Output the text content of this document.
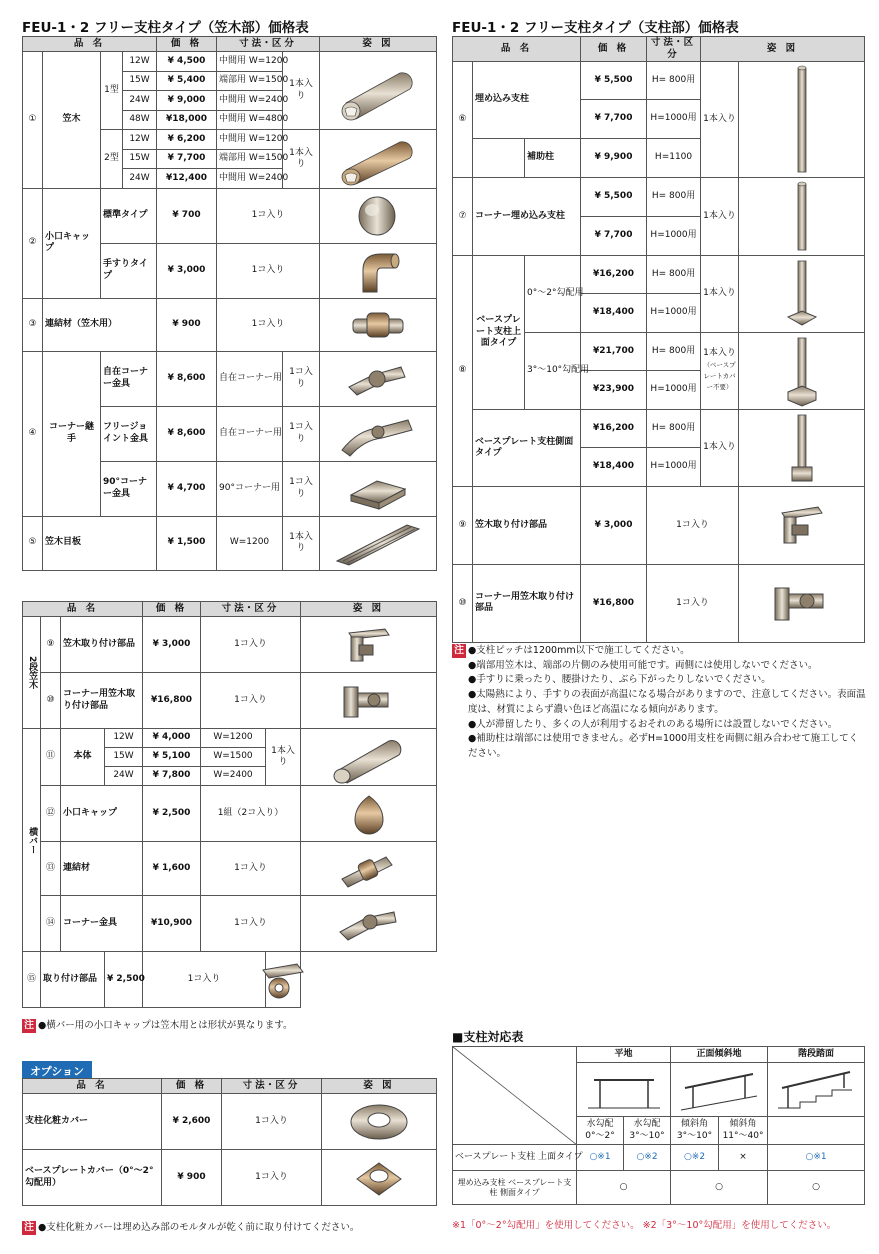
FEU-1・2 フリー支柱タイプ（笠木部）価格表	FEU-1・2 フリー支柱タイプ（支柱部）価格表
品 名				価 格	寸法･区分		姿 図
①	笠木	1型	12W	¥ 4,500	中間用 W=1200	1本入り	

			15W	¥ 5,400	端部用 W=1500		
			24W	¥ 9,000	中間用 W=2400		
			48W	¥18,000	中間用 W=4800		
		2型	12W	¥ 6,200	中間用 W=1200	1本入り	

			15W	¥ 7,700	端部用 W=1500		
			24W	¥12,400	中間用 W=2400		
②	小口キャップ	標準タイプ		¥ 700	1コ入り	

		手すりタイプ		¥ 3,000	1コ入り	

③	連結材（笠木用）			¥ 900	1コ入り	

④	コーナー継手	自在コーナー金具		¥ 8,600	自在コーナー用	1コ入り	

		フリージョイント金具		¥ 8,600	自在コーナー用	1コ入り	

		90°コーナー金具		¥ 4,700	90°コーナー用	1コ入り	

⑤	笠木目板			¥ 1,500	W=1200	1本入り	
品 名				価 格	寸法･区分		姿 図

2段笠木	⑨	笠木取り付け部品		¥ 3,000	1コ入り	

	⑩	コーナー用笠木取り付け部品		¥16,800	1コ入り	

横バー	⑪	本体	12W	¥ 4,000	W=1200	1本入り	

			15W	¥ 5,100	W=1500		
			24W	¥ 7,800	W=2400		
	⑫	小口キャップ		¥ 2,500	1組（2コ入り）	

	⑬	連結材		¥ 1,600	1コ入り	

	⑭	コーナー金具		¥10,900	1コ入り	

⑮	取り付け部品		¥ 2,500	1コ入り	
注 ●横バー用の小口キャップは笠木用とは形状が異なります。
オプション
品 名	価 格	寸法･区分	姿 図
支柱化粧カバー	¥ 2,600	1コ入り	

ベースプレートカバー（0°〜2°勾配用）	¥ 900	1コ入り	
注 ●支柱化粧カバーは埋め込み部のモルタルが乾く前に取り付けてください。
品 名			価 格	寸法･区分	姿 図	
⑥	埋め込み支柱		¥ 5,500	H= 800用	1本入り	

			¥ 7,700	H=1000用		
		補助柱	¥ 9,900	H=1100		
⑦	コーナー埋め込み支柱		¥ 5,500	H= 800用	1本入り	

			¥ 7,700	H=1000用		
⑧	ベースプレート支柱上面タイプ	0°〜2°勾配用	¥16,200	H= 800用	1本入り	

			¥18,400	H=1000用		
		3°〜10°勾配用	¥21,700	H= 800用	1本入り
（ベースプレートカバー不要）	

			¥23,900	H=1000用		
	ベースプレート支柱側面タイプ		¥16,200	H= 800用	1本入り	

			¥18,400	H=1000用		
⑨	笠木取り付け部品		¥ 3,000	1コ入り	

⑩	コーナー用笠木取り付け部品		¥16,800	1コ入り	
注 ●支柱ピッチは1200mm以下で施工してください。
●端部用笠木は、端部の片側のみ使用可能です。両側には使用しないでください。
●手すりに乗ったり、腰掛けたり、ぶら下がったりしないでください。
●太陽熱により、手すりの表面が高温になる場合がありますので、注意してください。表面温度は、材質によらず濃い色ほど高温になる傾向があります。
●人が滞留したり、多くの人が利用するおそれのある場所には設置しないでください。
●補助柱は端部には使用できません。必ずH=1000用支柱を両側に組み合わせて施工してください。
■支柱対応表
	平地		正面傾斜地		階段踏面

	水勾配 0°〜2°	水勾配 3°〜10°	傾斜角 3°〜10°	傾斜角 11°〜40°	
ベースプレート支柱 上面タイプ	○※1	○※2	○※2	×	○※1
埋め込み支柱 ベースプレート支柱 側面タイプ	○		○		○
※1「0°〜2°勾配用」を使用してください。 ※2「3°〜10°勾配用」を使用してください。
